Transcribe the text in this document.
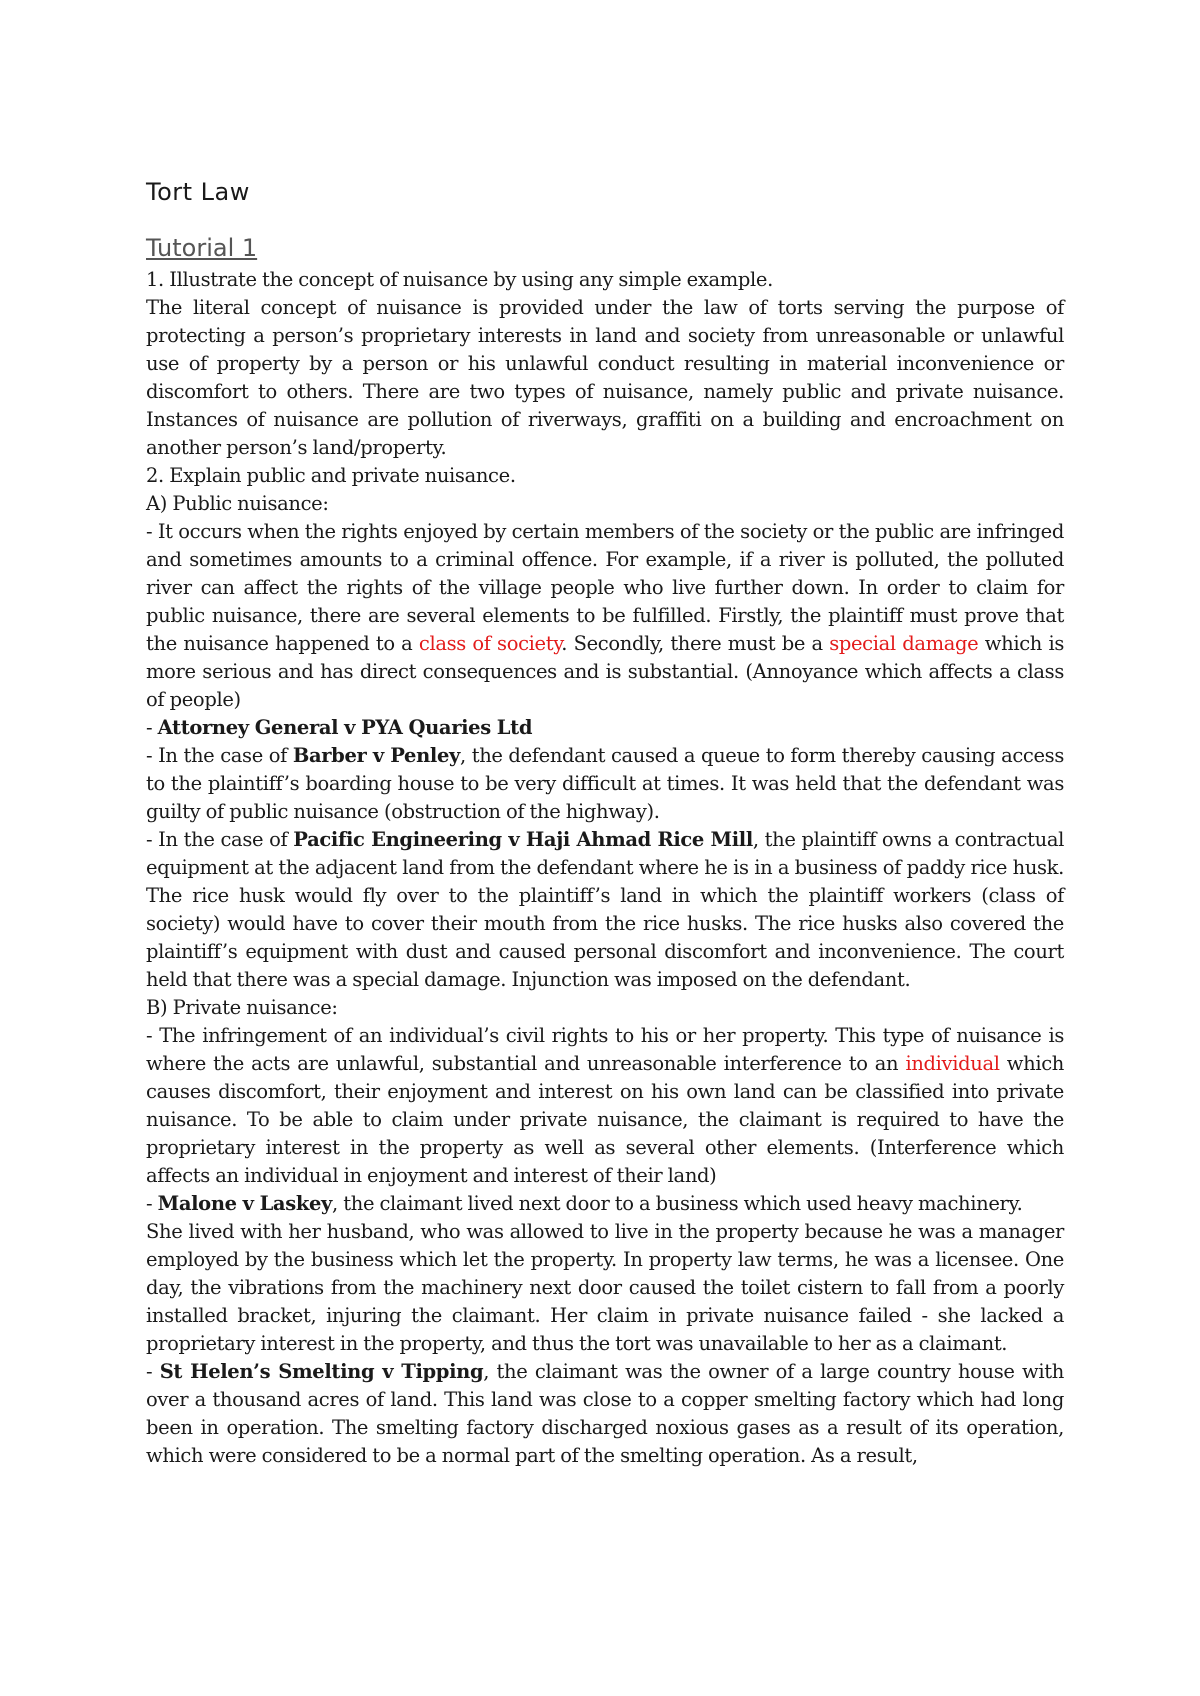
Tort Law
Tutorial 1

1. Illustrate the concept of nuisance by using any simple example.

The literal concept of nuisance is provided under the law of torts serving the purpose of protecting a person’s proprietary interests in land and society from unreasonable or unlawful use of property by a person or his unlawful conduct resulting in material inconvenience or discomfort to others. There are two types of nuisance, namely public and private nuisance. Instances of nuisance are pollution of riverways, graffiti on a building and encroachment on another person’s land/property.

2. Explain public and private nuisance.

A) Public nuisance:

- It occurs when the rights enjoyed by certain members of the society or the public are infringed and sometimes amounts to a criminal offence. For example, if a river is polluted, the polluted river can affect the rights of the village people who live further down. In order to claim for public nuisance, there are several elements to be fulfilled. Firstly, the plaintiff must prove that the nuisance happened to a class of society. Secondly, there must be a special damage which is more serious and has direct consequences and is substantial. (Annoyance which affects a class of people)

- Attorney General v PYA Quaries Ltd

- In the case of Barber v Penley, the defendant caused a queue to form thereby causing access to the plaintiff’s boarding house to be very difficult at times. It was held that the defendant was guilty of public nuisance (obstruction of the highway).

- In the case of Pacific Engineering v Haji Ahmad Rice Mill, the plaintiff owns a contractual equipment at the adjacent land from the defendant where he is in a business of paddy rice husk. The rice husk would fly over to the plaintiff’s land in which the plaintiff workers (class of society) would have to cover their mouth from the rice husks. The rice husks also covered the plaintiff’s equipment with dust and caused personal discomfort and inconvenience. The court held that there was a special damage. Injunction was imposed on the defendant.

B) Private nuisance:

- The infringement of an individual’s civil rights to his or her property. This type of nuisance is where the acts are unlawful, substantial and unreasonable interference to an individual which causes discomfort, their enjoyment and interest on his own land can be classified into private nuisance. To be able to claim under private nuisance, the claimant is required to have the proprietary interest in the property as well as several other elements. (Interference which affects an individual in enjoyment and interest of their land)

- Malone v Laskey, the claimant lived next door to a business which used heavy machinery.

She lived with her husband, who was allowed to live in the property because he was a manager employed by the business which let the property. In property law terms, he was a licensee. One day, the vibrations from the machinery next door caused the toilet cistern to fall from a poorly installed bracket, injuring the claimant. Her claim in private nuisance failed - she lacked a proprietary interest in the property, and thus the tort was unavailable to her as a claimant.

- St Helen’s Smelting v Tipping, the claimant was the owner of a large country house with over a thousand acres of land. This land was close to a copper smelting factory which had long been in operation. The smelting factory discharged noxious gases as a result of its operation, which were considered to be a normal part of the smelting operation. As a result,
